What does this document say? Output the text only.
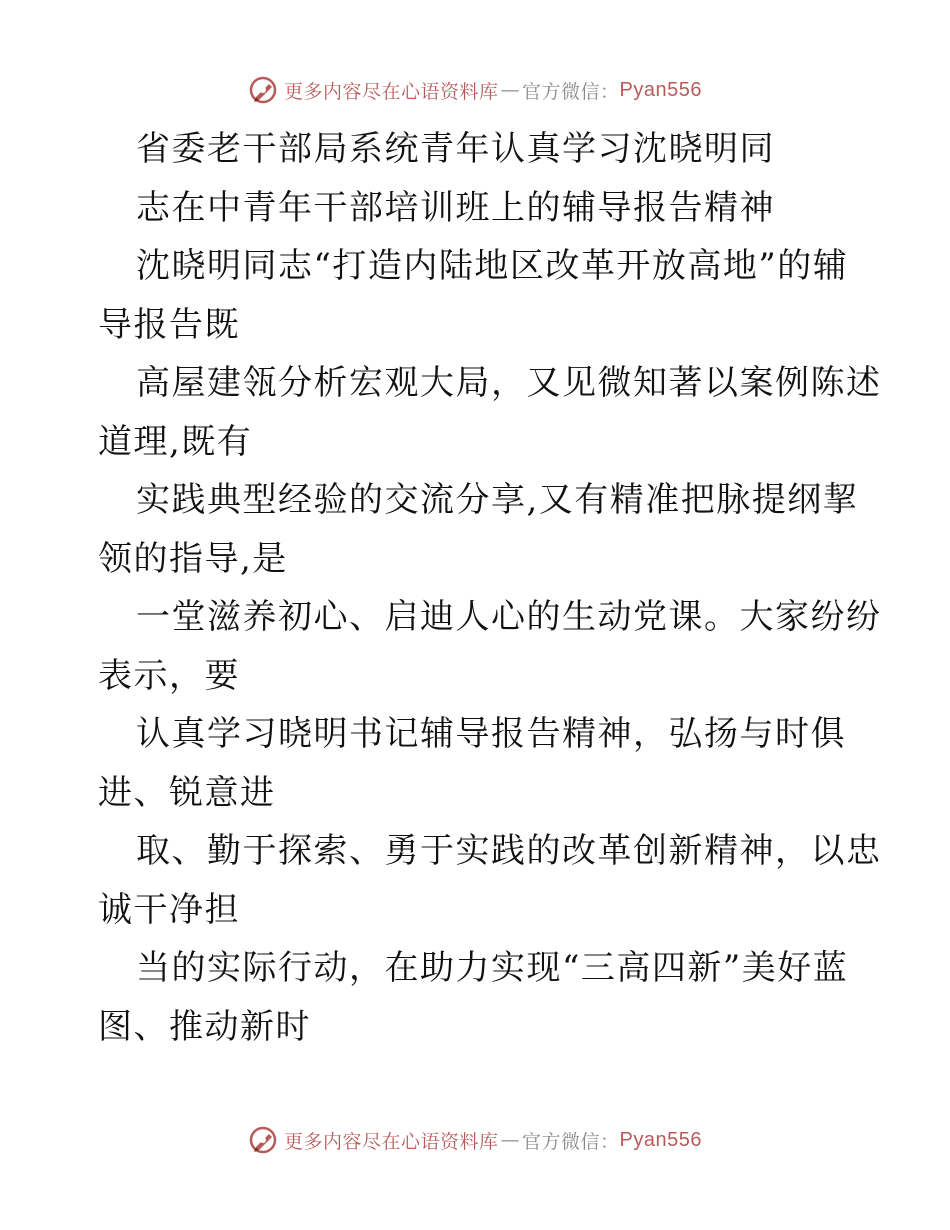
更多内容尽在心语资料库 — 官方微信： Pyan556
省委老干部局系统青年认真学习沈晓明同
志在中青年干部培训班上的辅导报告精神
沈晓明同志“打造内陆地区改革开放高地”的辅
导报告既
高屋建瓴分析宏观大局，又见微知著以案例陈述
道理,既有
实践典型经验的交流分享,又有精准把脉提纲挈
领的指导,是
一堂滋养初心、启迪人心的生动党课。大家纷纷
表示，要
认真学习晓明书记辅导报告精神，弘扬与时俱
进、锐意进
取、勤于探索、勇于实践的改革创新精神，以忠
诚干净担
当的实际行动，在助力实现“三高四新”美好蓝
图、推动新时
更多内容尽在心语资料库 — 官方微信： Pyan556
